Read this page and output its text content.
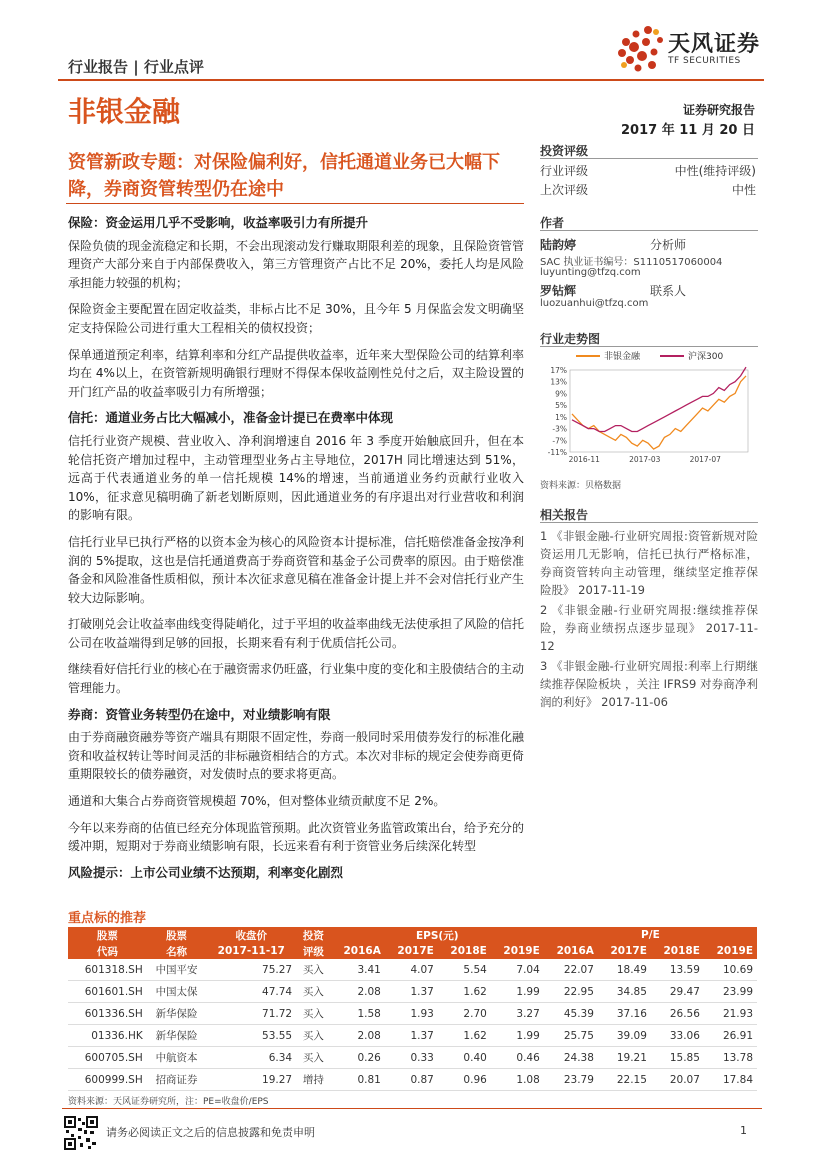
行业报告 | 行业点评
天风证券
TF SECURITIES
非银金融	证券研究报告
2017 年 11 月 20 日
资管新政专题：对保险偏利好，信托通道业务已大幅下降，券商资管转型仍在途中
保险：资金运用几乎不受影响，收益率吸引力有所提升

保险负债的现金流稳定和长期，不会出现滚动发行赚取期限利差的现象，且保险资管管理资产大部分来自于内部保费收入，第三方管理资产占比不足 20%，委托人均是风险承担能力较强的机构；

保险资金主要配置在固定收益类，非标占比不足 30%，且今年 5 月保监会发文明确坚定支持保险公司进行重大工程相关的债权投资；

保单通道预定利率，结算利率和分红产品提供收益率，近年来大型保险公司的结算利率均在 4%以上，在资管新规明确银行理财不得保本保收益刚性兑付之后，双主险设置的开门红产品的收益率吸引力有所增强；

信托：通道业务占比大幅减小，准备金计提已在费率中体现

信托行业资产规模、营业收入、净利润增速自 2016 年 3 季度开始触底回升，但在本轮信托资产增加过程中，主动管理型业务占主导地位，2017H 同比增速达到 51%，远高于代表通道业务的单一信托规模 14%的增速，当前通道业务约贡献行业收入 10%，征求意见稿明确了新老划断原则，因此通道业务的有序退出对行业营收和利润的影响有限。

信托行业早已执行严格的以资本金为核心的风险资本计提标准，信托赔偿准备金按净利润的 5%提取，这也是信托通道费高于券商资管和基金子公司费率的原因。由于赔偿准备金和风险准备性质相似，预计本次征求意见稿在准备金计提上并不会对信托行业产生较大边际影响。

打破刚兑会让收益率曲线变得陡峭化，过于平坦的收益率曲线无法使承担了风险的信托公司在收益端得到足够的回报，长期来看有利于优质信托公司。

继续看好信托行业的核心在于融资需求仍旺盛，行业集中度的变化和主股债结合的主动管理能力。

券商：资管业务转型仍在途中，对业绩影响有限

由于券商融资融券等资产端具有期限不固定性，券商一般同时采用债券发行的标准化融资和收益权转让等时间灵活的非标融资相结合的方式。本次对非标的规定会使券商更倚重期限较长的债券融资，对发债时点的要求将更高。

通道和大集合占券商资管规模超 70%，但对整体业绩贡献度不足 2%。

今年以来券商的估值已经充分体现监管预期。此次资管业务监管政策出台，给予充分的缓冲期，短期对于券商业绩影响有限，长远来看有利于资管业务后续深化转型

风险提示：上市公司业绩不达预期，利率变化剧烈
投资评级
行业评级	中性(维持评级)
上次评级	中性
作者
陆韵婷	分析师
SAC 执业证书编号：S1110517060004
luyunting@tfzq.com
罗钻辉	联系人
luozuanhui@tfzq.com
行业走势图
非银金融	沪深300
17%
13%
9%
5%
1%
-3%
-7%
-11%
2016-11	2017-03	2017-07
资料来源：贝格数据
相关报告
1 《非银金融-行业研究周报:资管新规对险资运用几无影响，信托已执行严格标准， 券商资管转向主动管理，继续坚定推荐保险股》 2017-11-19
2 《非银金融-行业研究周报:继续推荐保险，券商业绩拐点逐步显现》 2017-11-12
3 《非银金融-行业研究周报:利率上行期继续推荐保险板块 ，关注 IFRS9 对券商净利润的利好》 2017-11-06
重点标的推荐
股票	股票	收盘价	投资	EPS(元)				P/E			
代码	名称	2017-11-17	评级	2016A	2017E	2018E	2019E	2016A	2017E	2018E	2019E
601318.SH	中国平安	75.27	买入	3.41	4.07	5.54	7.04	22.07	18.49	13.59	10.69
601601.SH	中国太保	47.74	买入	2.08	1.37	1.62	1.99	22.95	34.85	29.47	23.99
601336.SH	新华保险	71.72	买入	1.58	1.93	2.70	3.27	45.39	37.16	26.56	21.93
01336.HK	新华保险	53.55	买入	2.08	1.37	1.62	1.99	25.75	39.09	33.06	26.91
600705.SH	中航资本	6.34	买入	0.26	0.33	0.40	0.46	24.38	19.21	15.85	13.78
600999.SH	招商证券	19.27	增持	0.81	0.87	0.96	1.08	23.79	22.15	20.07	17.84
资料来源：天风证券研究所，注：PE=收盘价/EPS
请务必阅读正文之后的信息披露和免责申明	1
